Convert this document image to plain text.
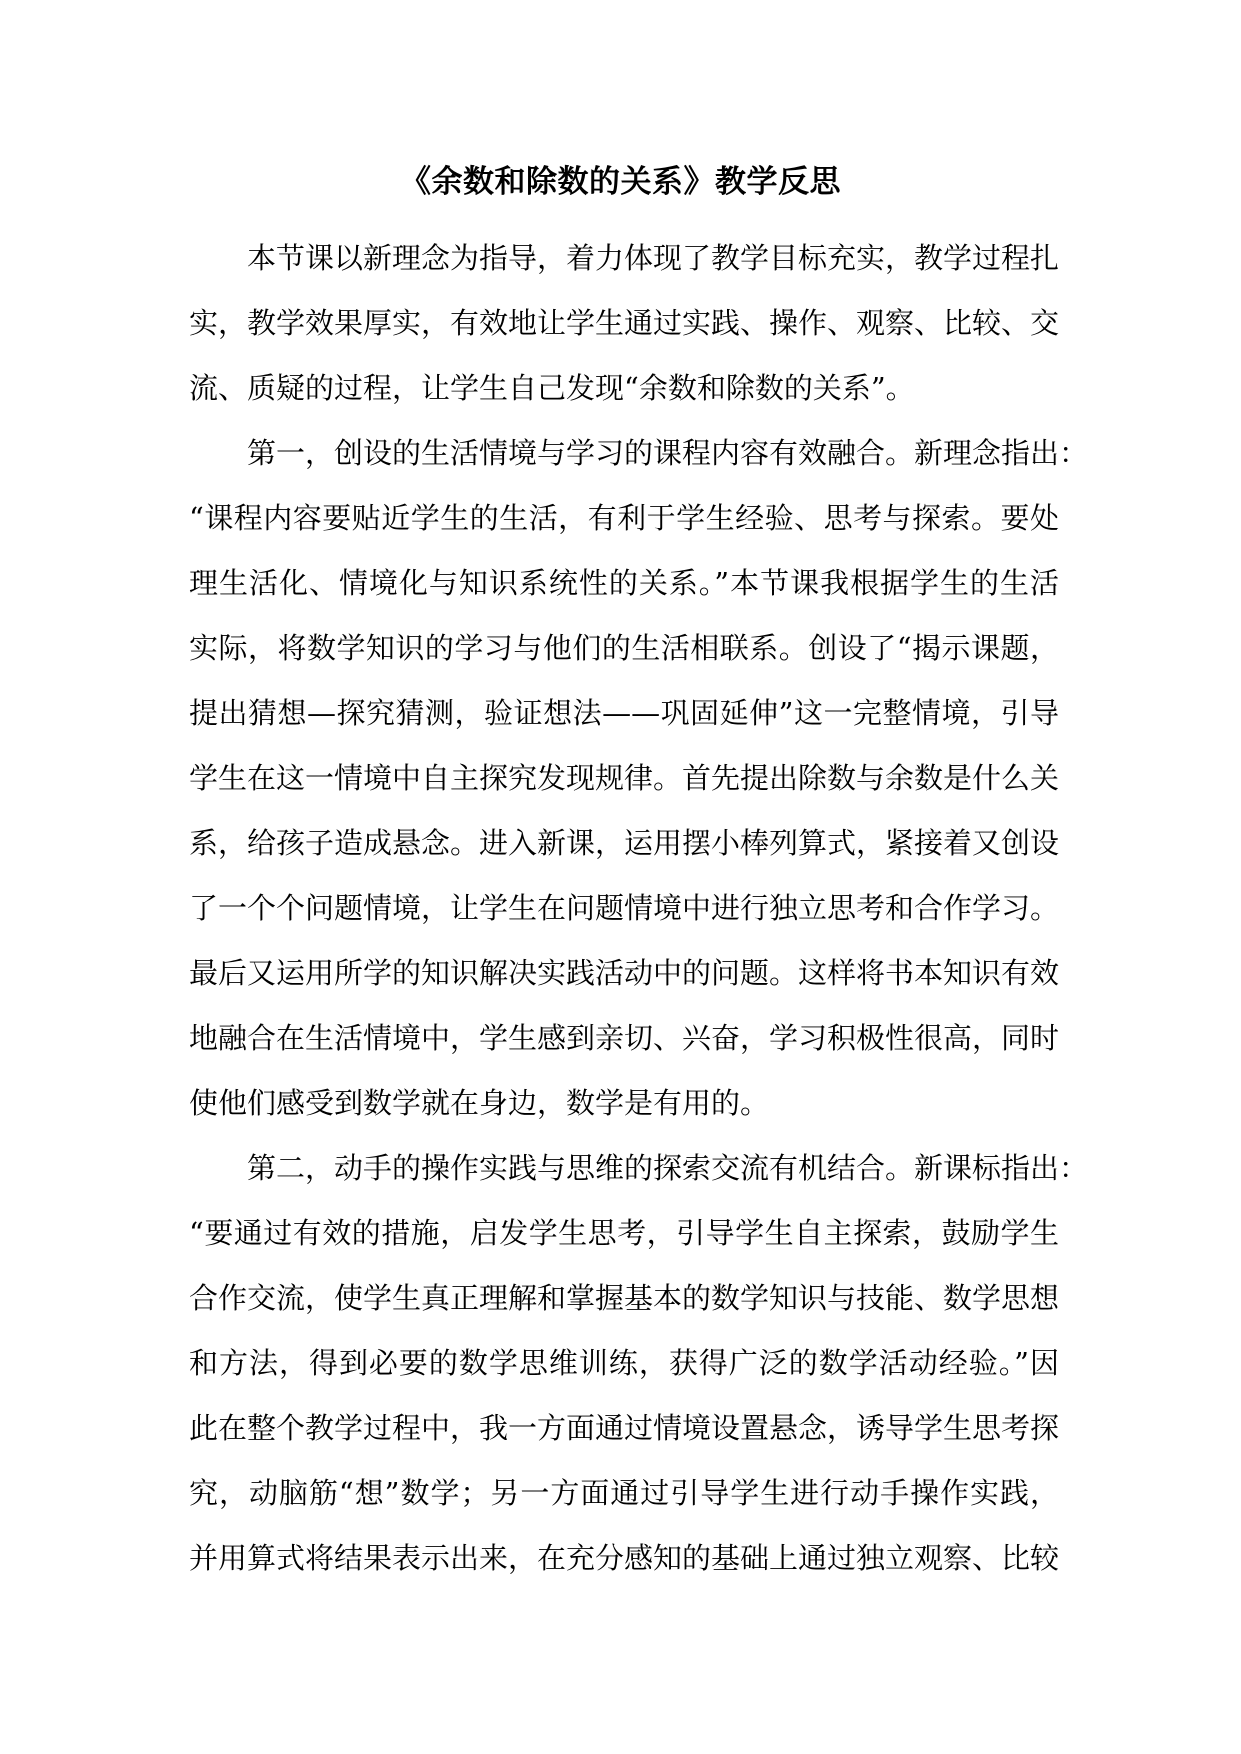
《余数和除数的关系》教学反思
本节课以新理念为指导，着力体现了教学目标充实，教学过程扎
实，教学效果厚实，有效地让学生通过实践、操作、观察、比较、交
流、质疑的过程，让学生自己发现“余数和除数的关系”。
第一，创设的生活情境与学习的课程内容有效融合。新理念指出：
“课程内容要贴近学生的生活，有利于学生经验、思考与探索。要处
理生活化、情境化与知识系统性的关系。”本节课我根据学生的生活
实际，将数学知识的学习与他们的生活相联系。创设了“揭示课题，
提出猜想—探究猜测，验证想法——巩固延伸”这一完整情境，引导
学生在这一情境中自主探究发现规律。首先提出除数与余数是什么关
系，给孩子造成悬念。进入新课，运用摆小棒列算式，紧接着又创设
了一个个问题情境，让学生在问题情境中进行独立思考和合作学习。
最后又运用所学的知识解决实践活动中的问题。这样将书本知识有效
地融合在生活情境中，学生感到亲切、兴奋，学习积极性很高，同时
使他们感受到数学就在身边，数学是有用的。
第二，动手的操作实践与思维的探索交流有机结合。新课标指出：
“要通过有效的措施，启发学生思考，引导学生自主探索，鼓励学生
合作交流，使学生真正理解和掌握基本的数学知识与技能、数学思想
和方法，得到必要的数学思维训练，获得广泛的数学活动经验。”因
此在整个教学过程中，我一方面通过情境设置悬念，诱导学生思考探
究，动脑筋“想”数学；另一方面通过引导学生进行动手操作实践，
并用算式将结果表示出来，在充分感知的基础上通过独立观察、比较
